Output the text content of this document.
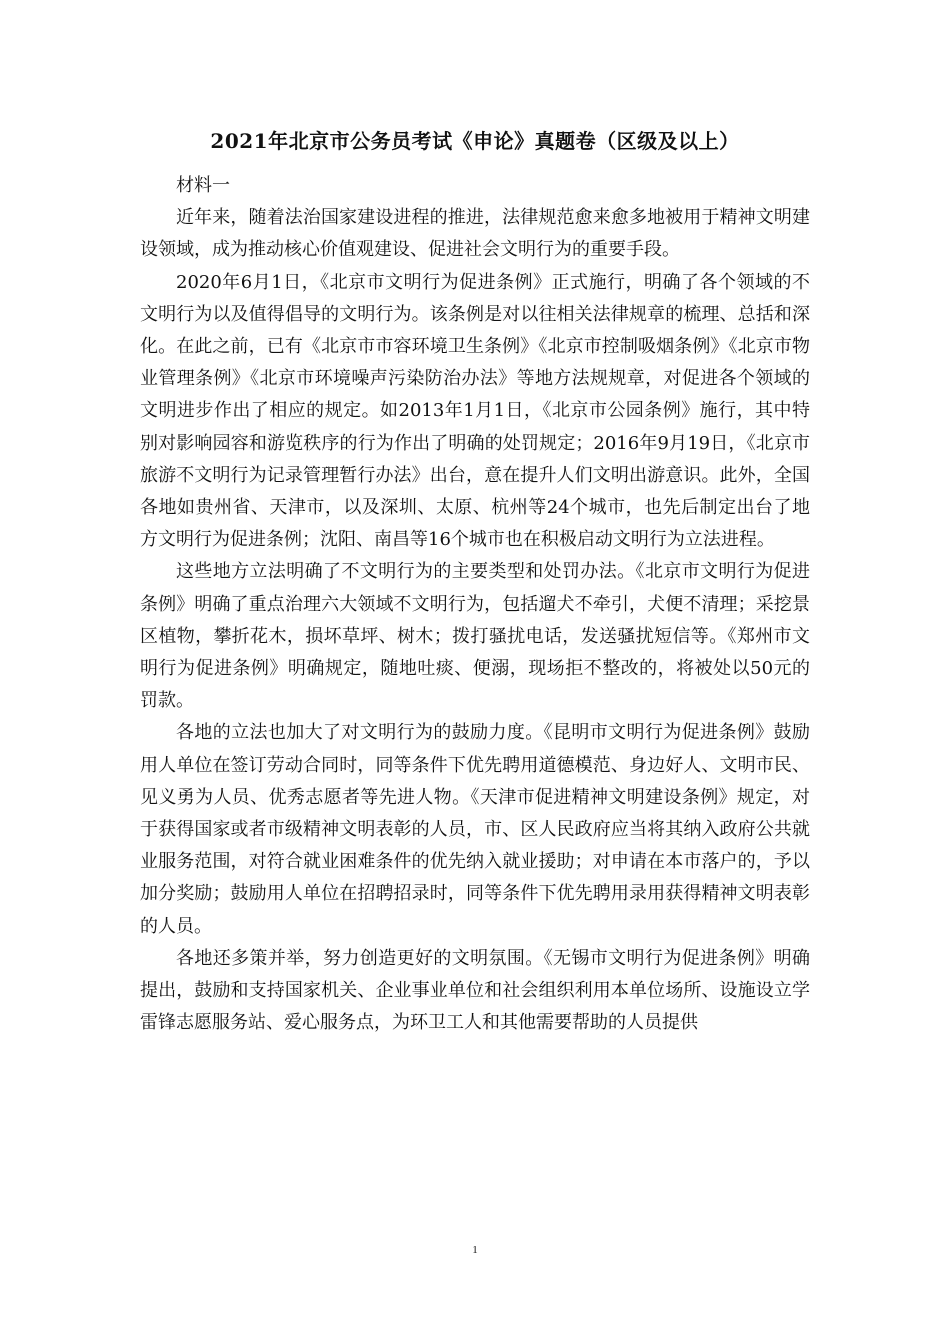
2021年北京市公务员考试《申论》真题卷（区级及以上）

材料一

近年来，随着法治国家建设进程的推进，法律规范愈来愈多地被用于精神文明建设领域，成为推动核心价值观建设、促进社会文明行为的重要手段。

2020年6月1日，《北京市文明行为促进条例》正式施行，明确了各个领域的不文明行为以及值得倡导的文明行为。该条例是对以往相关法律规章的梳理、总括和深化。在此之前，已有《北京市市容环境卫生条例》《北京市控制吸烟条例》《北京市物业管理条例》《北京市环境噪声污染防治办法》等地方法规规章，对促进各个领域的文明进步作出了相应的规定。如2013年1月1日，《北京市公园条例》施行，其中特别对影响园容和游览秩序的行为作出了明确的处罚规定；2016年9月19日，《北京市旅游不文明行为记录管理暂行办法》出台，意在提升人们文明出游意识。此外，全国各地如贵州省、天津市，以及深圳、太原、杭州等24个城市，也先后制定出台了地方文明行为促进条例；沈阳、南昌等16个城市也在积极启动文明行为立法进程。

这些地方立法明确了不文明行为的主要类型和处罚办法。《北京市文明行为促进条例》明确了重点治理六大领域不文明行为，包括遛犬不牵引，犬便不清理；采挖景区植物，攀折花木，损坏草坪、树木；拨打骚扰电话，发送骚扰短信等。《郑州市文明行为促进条例》明确规定，随地吐痰、便溺，现场拒不整改的，将被处以50元的罚款。

各地的立法也加大了对文明行为的鼓励力度。《昆明市文明行为促进条例》鼓励用人单位在签订劳动合同时，同等条件下优先聘用道德模范、身边好人、文明市民、见义勇为人员、优秀志愿者等先进人物。《天津市促进精神文明建设条例》规定，对于获得国家或者市级精神文明表彰的人员，市、区人民政府应当将其纳入政府公共就业服务范围，对符合就业困难条件的优先纳入就业援助；对申请在本市落户的，予以加分奖励；鼓励用人单位在招聘招录时，同等条件下优先聘用录用获得精神文明表彰的人员。

各地还多策并举，努力创造更好的文明氛围。《无锡市文明行为促进条例》明确提出，鼓励和支持国家机关、企业事业单位和社会组织利用本单位场所、设施设立学雷锋志愿服务站、爱心服务点，为环卫工人和其他需要帮助的人员提供

1
